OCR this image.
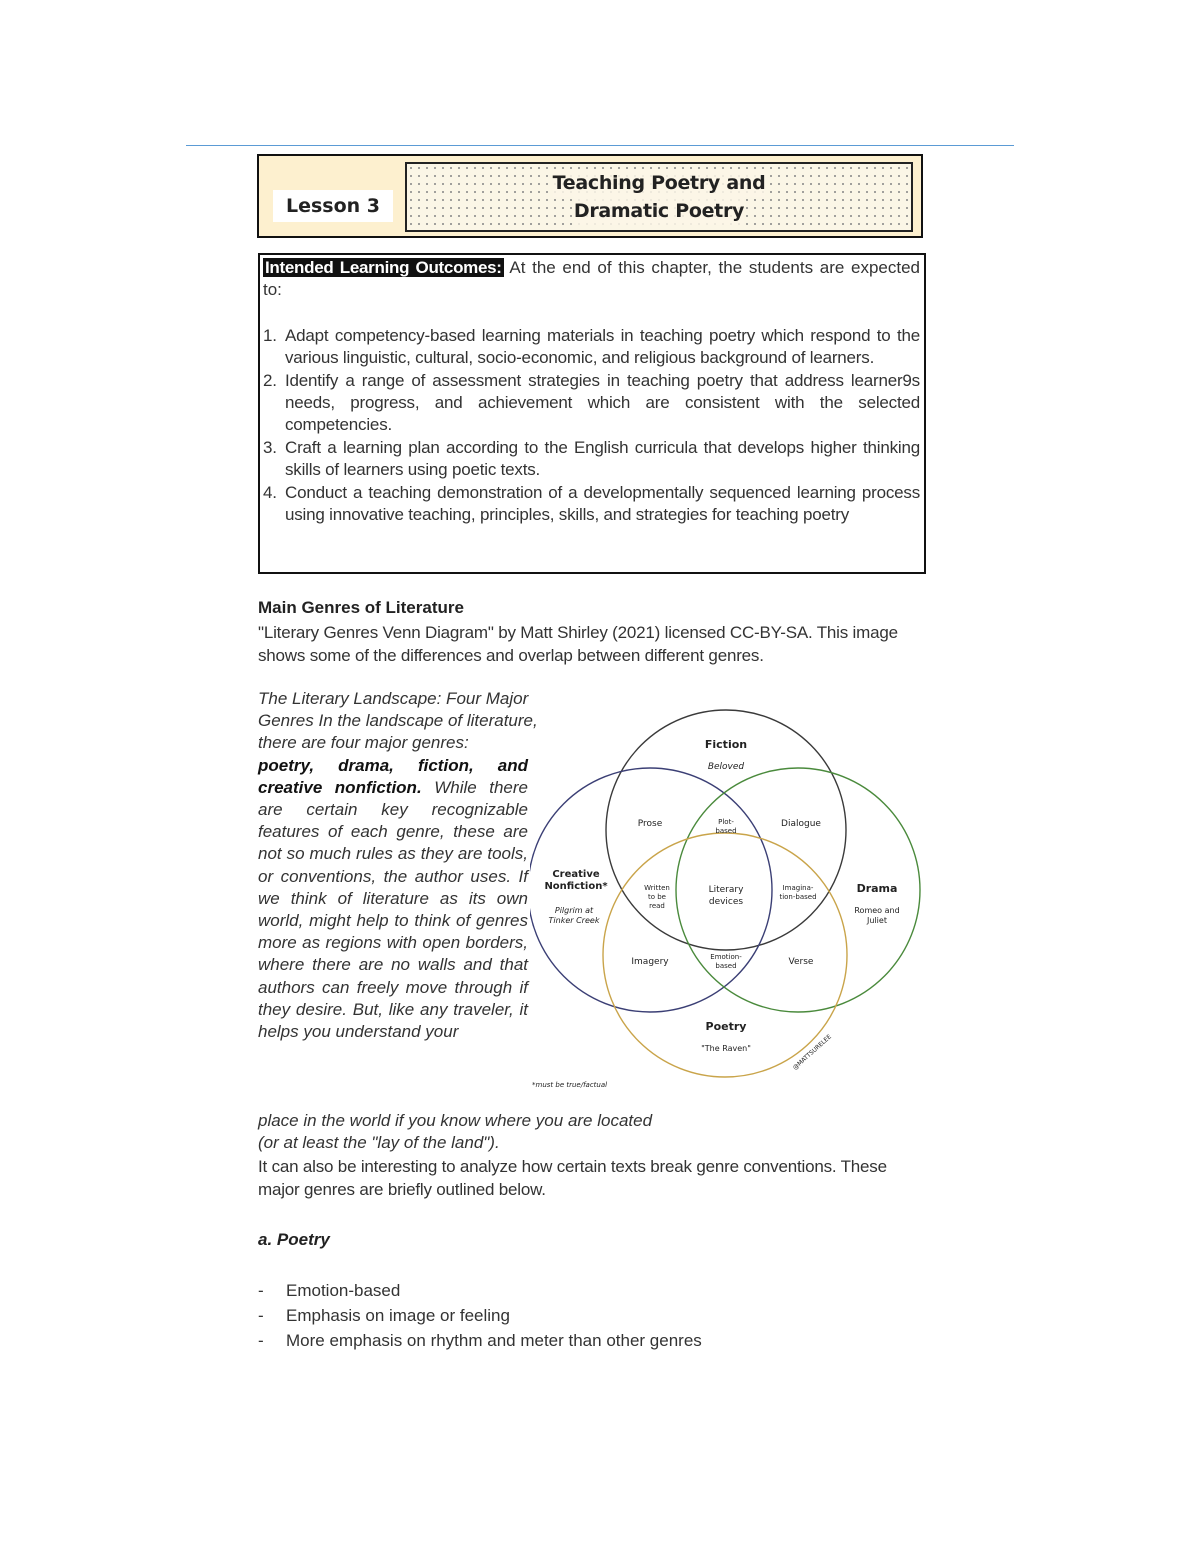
Lesson 3
Teaching Poetry and
Dramatic Poetry
Intended Learning Outcomes: At the end of this chapter, the students are expected to:
1. Adapt competency-based learning materials in teaching poetry which respond to the various linguistic, cultural, socio-economic, and religious background of learners.
2. Identify a range of assessment strategies in teaching poetry that address learner9s needs, progress, and achievement which are consistent with the selected competencies.
3. Craft a learning plan according to the English curricula that develops higher thinking skills of learners using poetic texts.
4. Conduct a teaching demonstration of a developmentally sequenced learning process using innovative teaching, principles, skills, and strategies for teaching poetry
Main Genres of Literature
"Literary Genres Venn Diagram" by Matt Shirley (2021) licensed CC-BY-SA. This image shows some of the differences and overlap between different genres.
The Literary Landscape: Four Major Genres In the landscape of literature, there are four major genres:
poetry, drama, fiction, and creative nonfiction. While there are certain key recognizable features of each genre, these are not so much rules as they are tools, or conventions, the author uses. If we think of literature as its own world, might help to think of genres more as regions with open borders, where there are no walls and that authors can freely move through if they desire. But, like any traveler, it helps you understand your
place in the world if you know where you are located (or at least the "lay of the land").
Fiction
Beloved
Creative
Nonfiction*
Pilgrim at
Tinker Creek
Drama
Romeo and
Juliet
Poetry
"The Raven"
Prose	Dialogue
Imagery	Verse
Plot-
based
Written
to be
read
Imagina-
tion-based
Literary
devices
Emotion-
based
*must be true/factual
@MATTSURELEE
It can also be interesting to analyze how certain texts break genre conventions. These major genres are briefly outlined below.
a. Poetry
- Emotion-based
- Emphasis on image or feeling
- More emphasis on rhythm and meter than other genres
